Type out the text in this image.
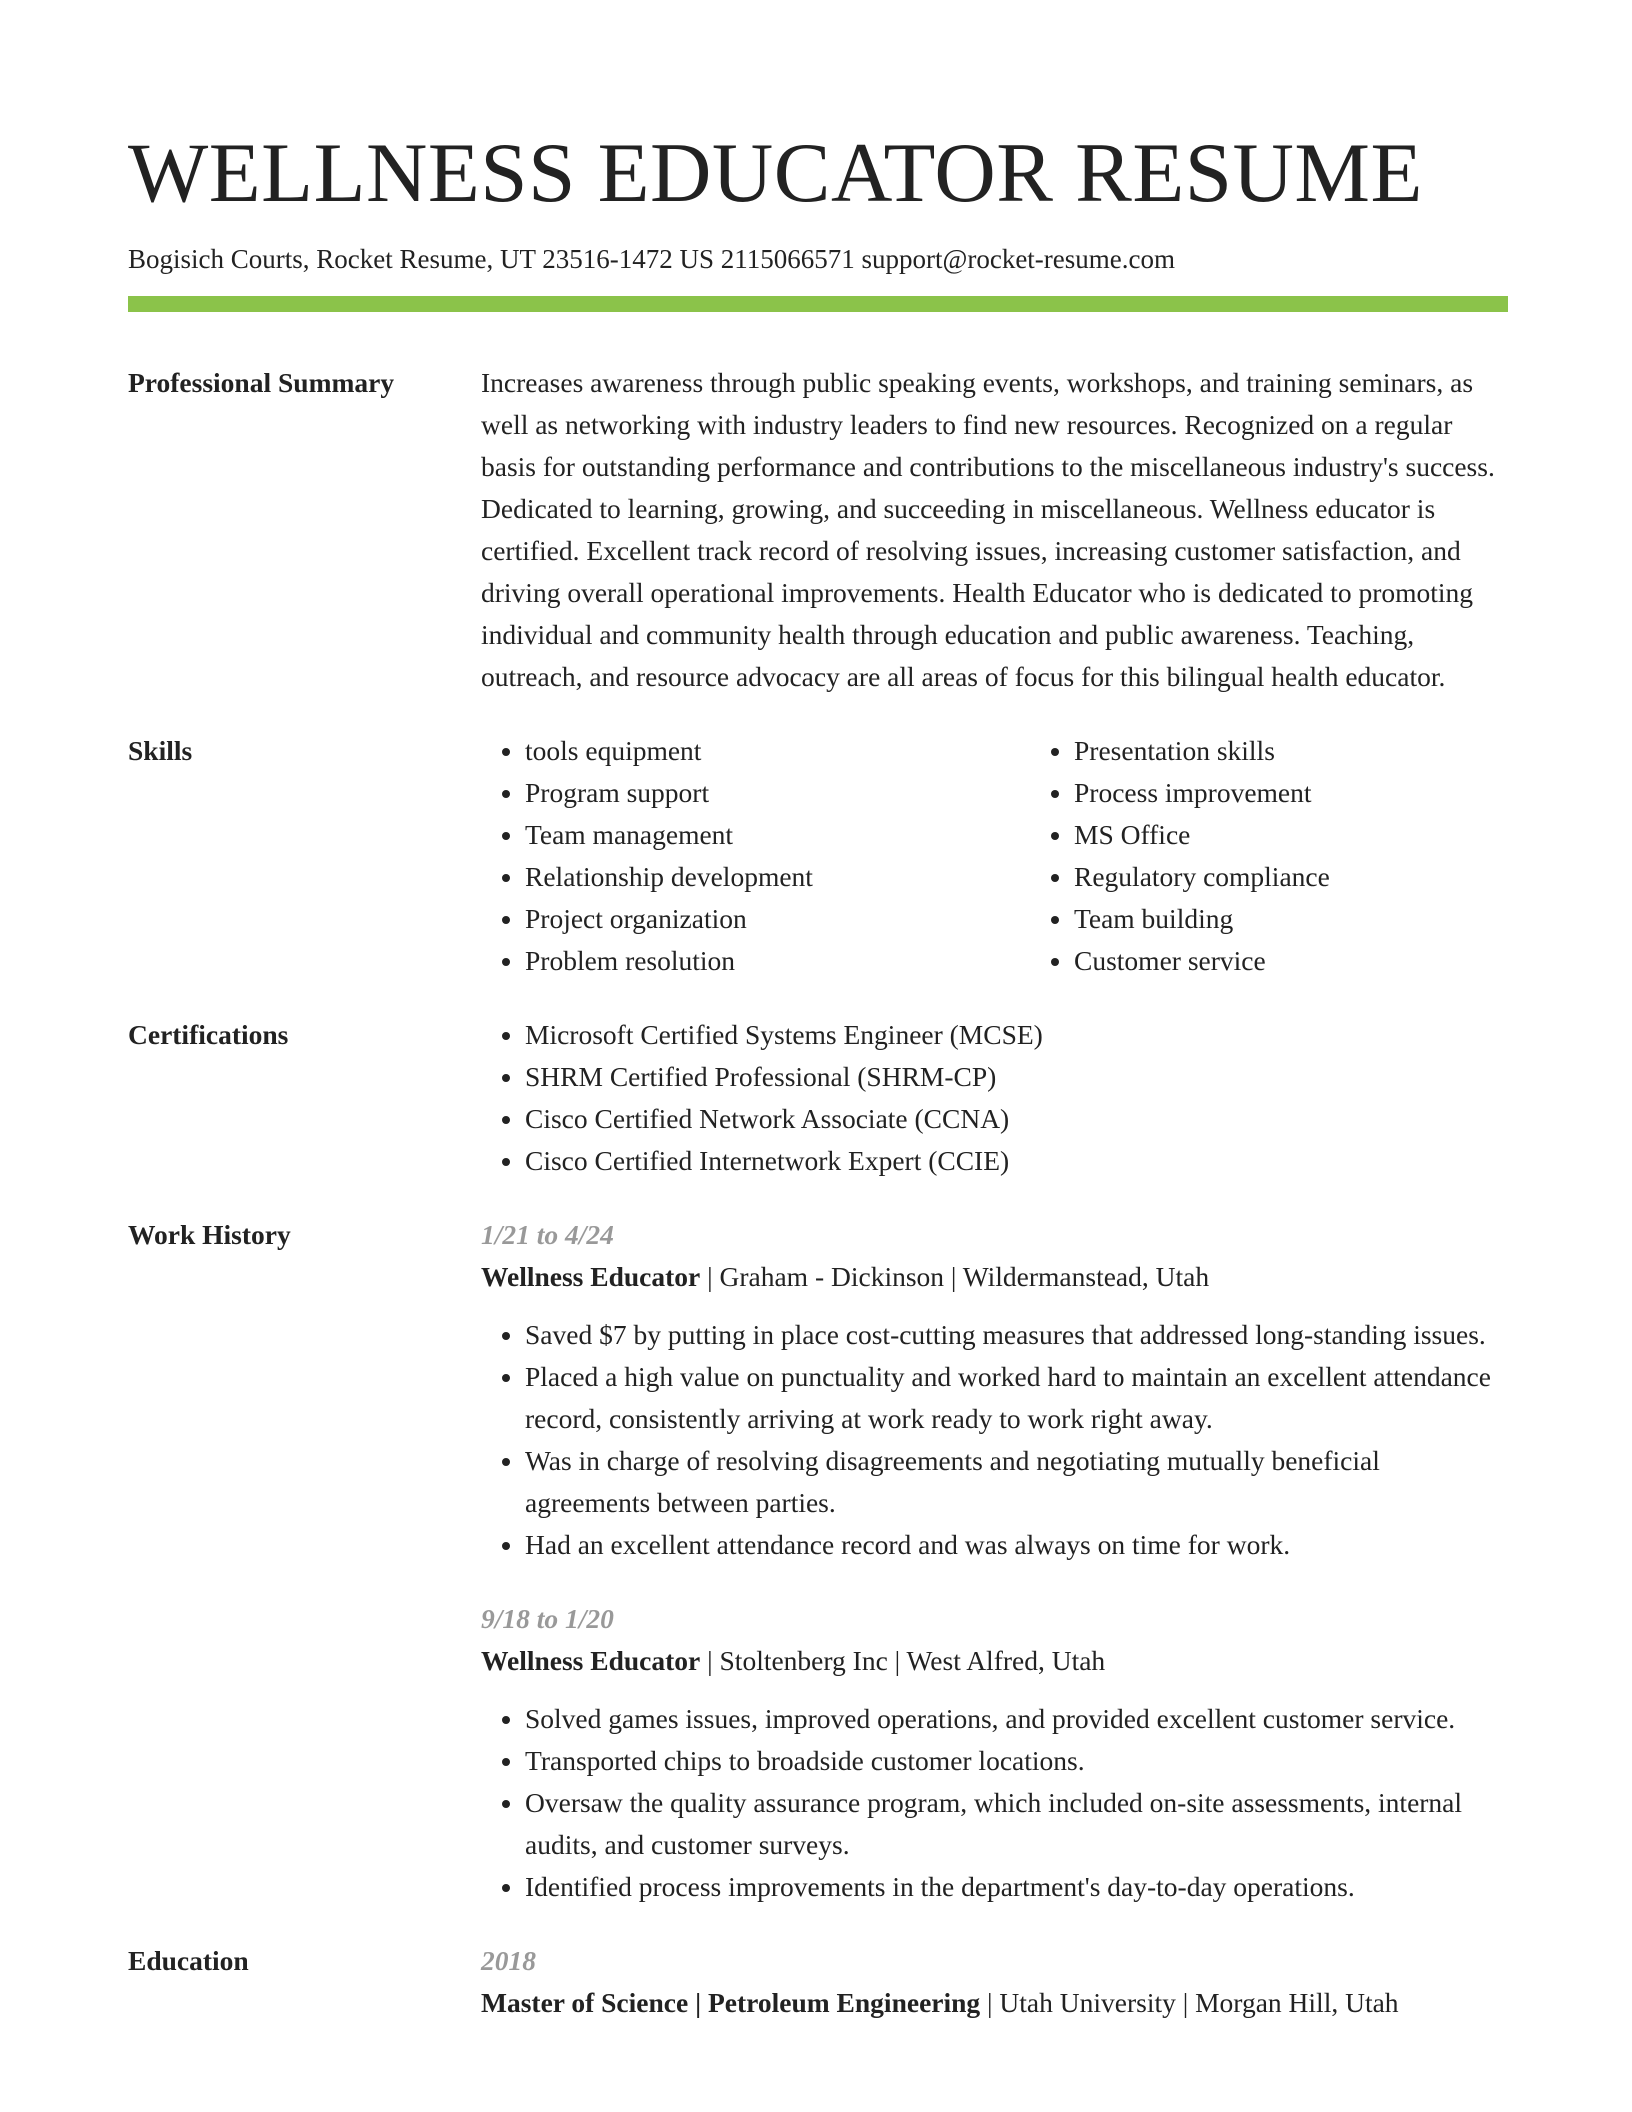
WELLNESS EDUCATOR RESUME
Bogisich Courts, Rocket Resume, UT 23516-1472 US 2115066571 support@rocket-resume.com
Professional Summary	Increases awareness through public speaking events, workshops, and training seminars, as well as networking with industry leaders to find new resources. Recognized on a regular basis for outstanding performance and contributions to the miscellaneous industry's success. Dedicated to learning, growing, and succeeding in miscellaneous. Wellness educator is certified. Excellent track record of resolving issues, increasing customer satisfaction, and driving overall operational improvements. Health Educator who is dedicated to promoting individual and community health through education and public awareness. Teaching, outreach, and resource advocacy are all areas of focus for this bilingual health educator.

Skills	• tools equipment
• Program support
• Team management
• Relationship development
• Project organization
• Problem resolution
• Presentation skills
• Process improvement
• MS Office
• Regulatory compliance
• Team building
• Customer service
Certifications	• Microsoft Certified Systems Engineer (MCSE)
• SHRM Certified Professional (SHRM-CP)
• Cisco Certified Network Associate (CCNA)
• Cisco Certified Internetwork Expert (CCIE)
Work History	1/21 to 4/24
Wellness Educator | Graham - Dickinson | Wildermanstead, Utah
• Saved $7 by putting in place cost-cutting measures that addressed long-standing issues.
• Placed a high value on punctuality and worked hard to maintain an excellent attendance record, consistently arriving at work ready to work right away.
• Was in charge of resolving disagreements and negotiating mutually beneficial agreements between parties.
• Had an excellent attendance record and was always on time for work.
9/18 to 1/20
Wellness Educator | Stoltenberg Inc | West Alfred, Utah
• Solved games issues, improved operations, and provided excellent customer service.
• Transported chips to broadside customer locations.
• Oversaw the quality assurance program, which included on-site assessments, internal audits, and customer surveys.
• Identified process improvements in the department's day-to-day operations.
Education	2018
Master of Science | Petroleum Engineering | Utah University | Morgan Hill, Utah
